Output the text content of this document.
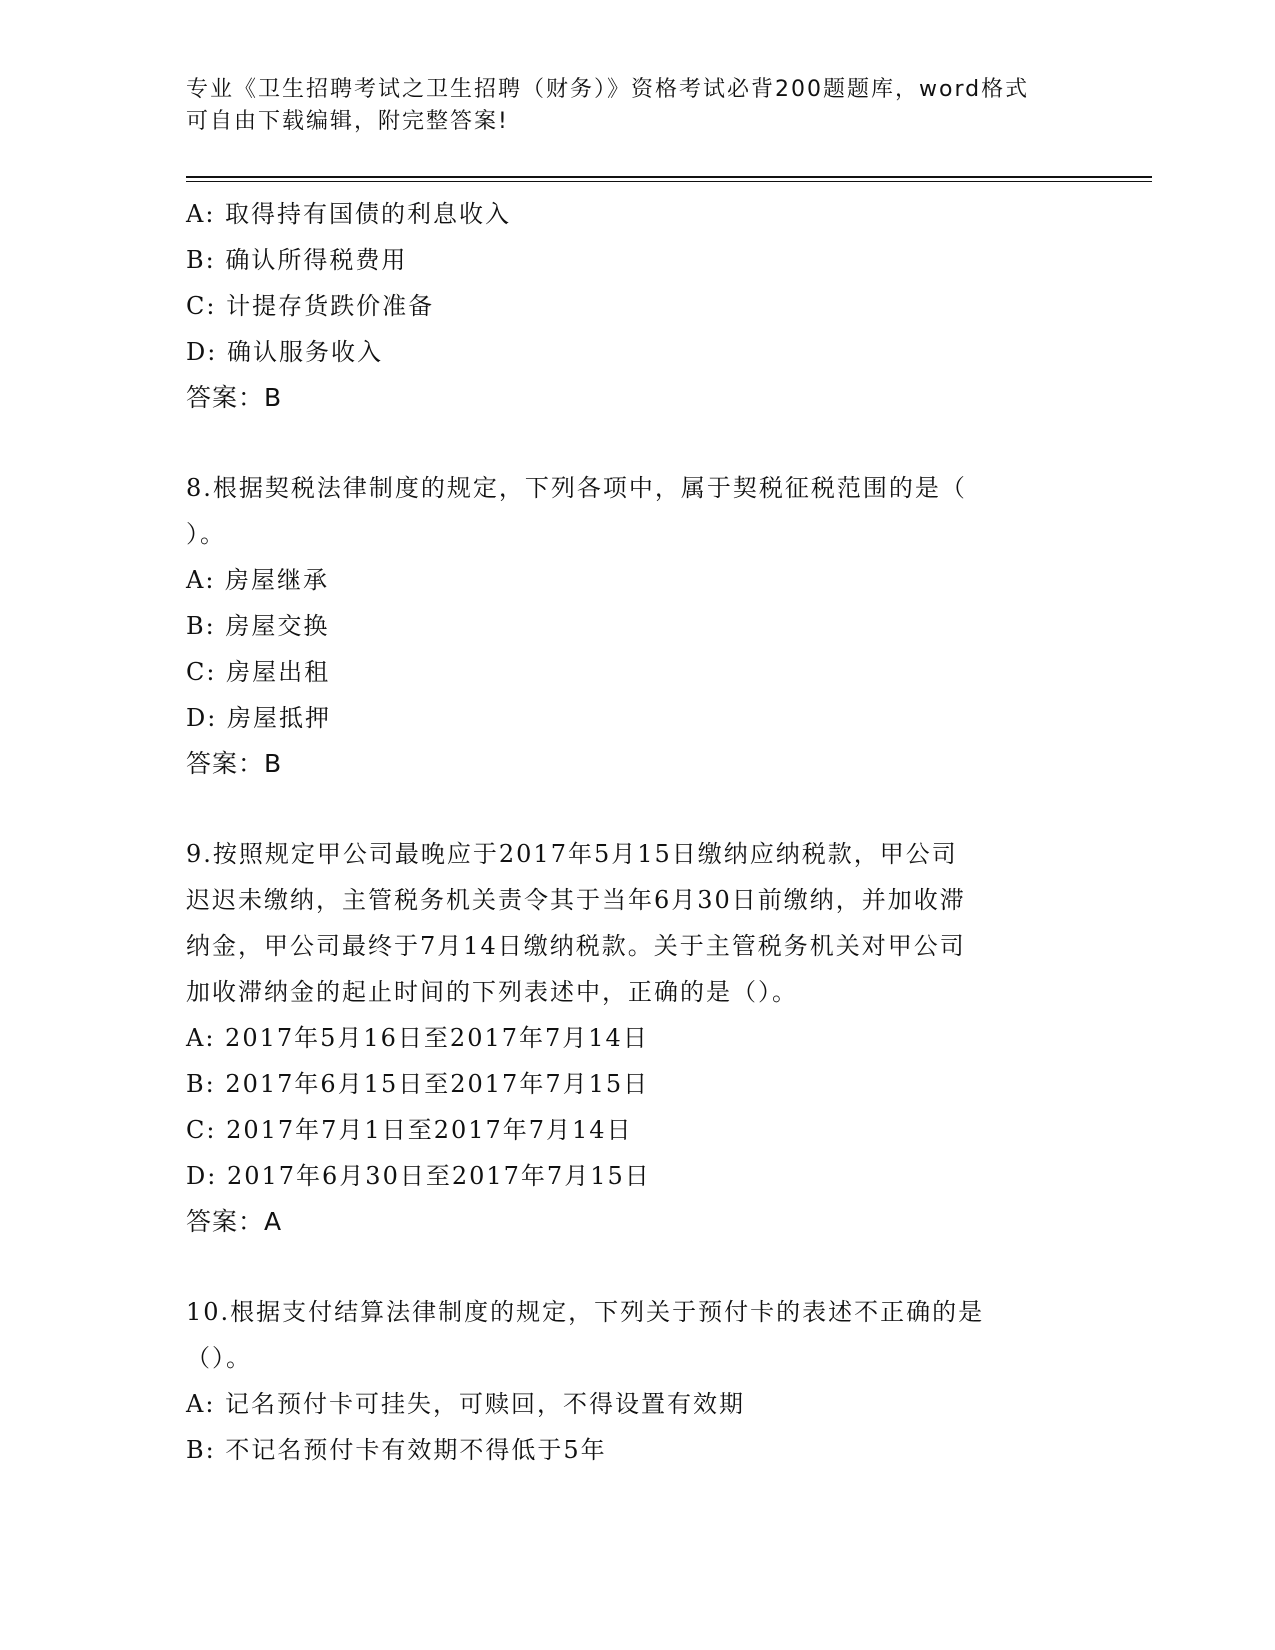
专业《卫生招聘考试之卫生招聘（财务）》资格考试必背200题题库，word格式

可自由下载编辑，附完整答案!

A: 取得持有国债的利息收入
B: 确认所得税费用
C: 计提存货跌价准备
D: 确认服务收入
答案：B
8.根据契税法律制度的规定，下列各项中，属于契税征税范围的是（
）。
A: 房屋继承
B: 房屋交换
C: 房屋出租
D: 房屋抵押
答案：B
9.按照规定甲公司最晚应于2017年5月15日缴纳应纳税款，甲公司
迟迟未缴纳，主管税务机关责令其于当年6月30日前缴纳，并加收滞
纳金，甲公司最终于7月14日缴纳税款。关于主管税务机关对甲公司
加收滞纳金的起止时间的下列表述中，正确的是（）。
A: 2017年5月16日至2017年7月14日
B: 2017年6月15日至2017年7月15日
C: 2017年7月1日至2017年7月14日
D: 2017年6月30日至2017年7月15日
答案：A
10.根据支付结算法律制度的规定，下列关于预付卡的表述不正确的是
（）。
A: 记名预付卡可挂失，可赎回，不得设置有效期
B: 不记名预付卡有效期不得低于5年
